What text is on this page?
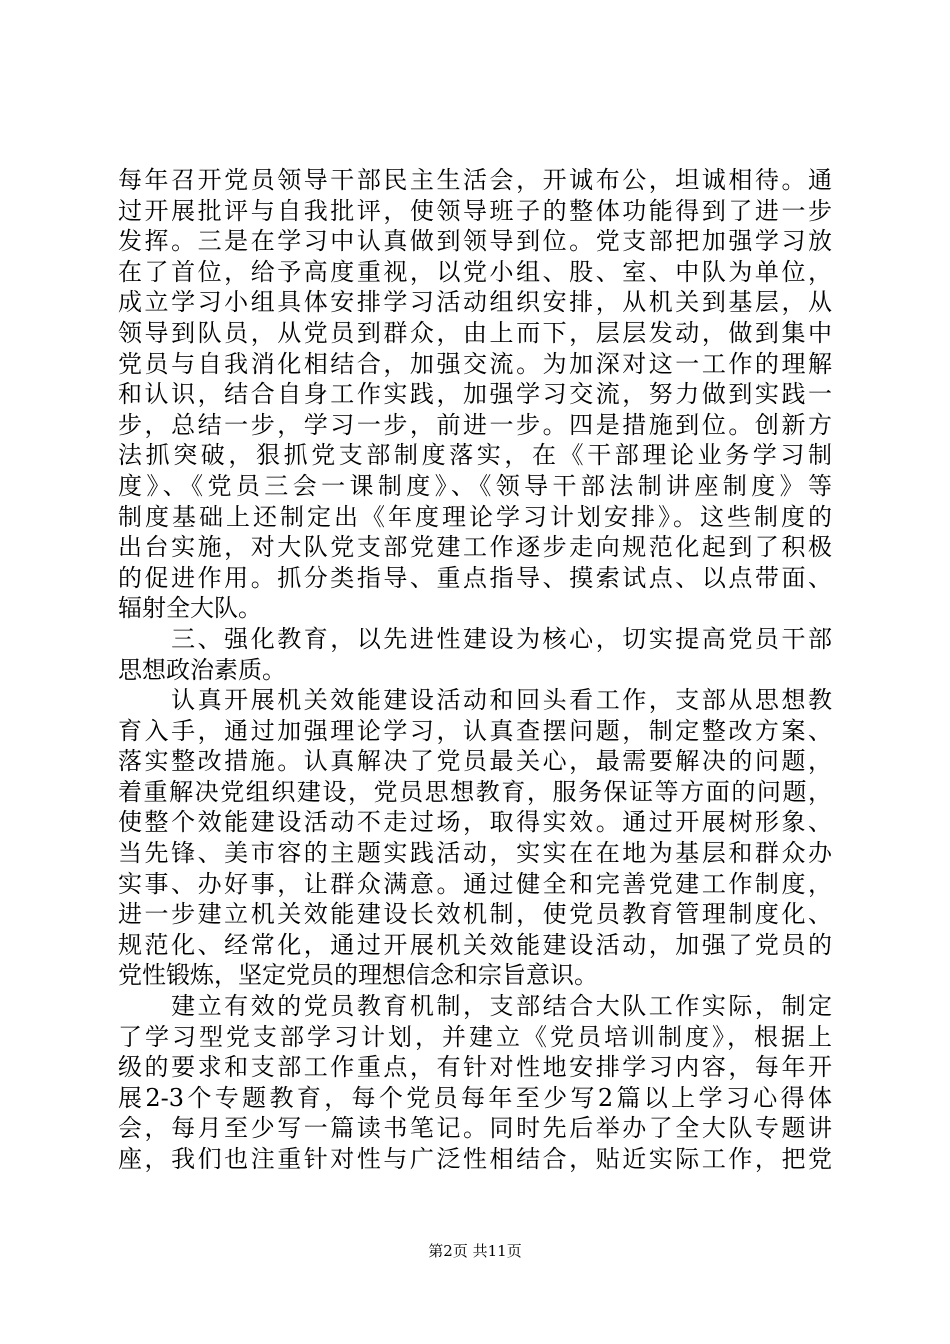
每年召开党员领导干部民主生活会，开诚布公，坦诚相待。通
过开展批评与自我批评，使领导班子的整体功能得到了进一步
发挥。三是在学习中认真做到领导到位。党支部把加强学习放
在了首位，给予高度重视，以党小组、股、室、中队为单位，
成立学习小组具体安排学习活动组织安排，从机关到基层，从
领导到队员，从党员到群众，由上而下，层层发动，做到集中
党员与自我消化相结合，加强交流。为加深对这一工作的理解
和认识，结合自身工作实践，加强学习交流，努力做到实践一
步，总结一步，学习一步，前进一步。四是措施到位。创新方
法抓突破，狠抓党支部制度落实，在《干部理论业务学习制
度》、《党员三会一课制度》、《领导干部法制讲座制度》等
制度基础上还制定出《年度理论学习计划安排》。这些制度的
出台实施，对大队党支部党建工作逐步走向规范化起到了积极
的促进作用。抓分类指导、重点指导、摸索试点、以点带面、
辐射全大队。
　　三、强化教育，以先进性建设为核心，切实提高党员干部
思想政治素质。
　　认真开展机关效能建设活动和回头看工作，支部从思想教
育入手，通过加强理论学习，认真查摆问题，制定整改方案、
落实整改措施。认真解决了党员最关心，最需要解决的问题，
着重解决党组织建设，党员思想教育，服务保证等方面的问题，
使整个效能建设活动不走过场，取得实效。通过开展树形象、
当先锋、美市容的主题实践活动，实实在在地为基层和群众办
实事、办好事，让群众满意。通过健全和完善党建工作制度，
进一步建立机关效能建设长效机制，使党员教育管理制度化、
规范化、经常化，通过开展机关效能建设活动，加强了党员的
党性锻炼，坚定党员的理想信念和宗旨意识。
　　建立有效的党员教育机制，支部结合大队工作实际，制定
了学习型党支部学习计划，并建立《党员培训制度》，根据上
级的要求和支部工作重点，有针对性地安排学习内容，每年开
展2-3个专题教育，每个党员每年至少写2篇以上学习心得体
会，每月至少写一篇读书笔记。同时先后举办了全大队专题讲
座，我们也注重针对性与广泛性相结合，贴近实际工作，把党
第2页 共11页
